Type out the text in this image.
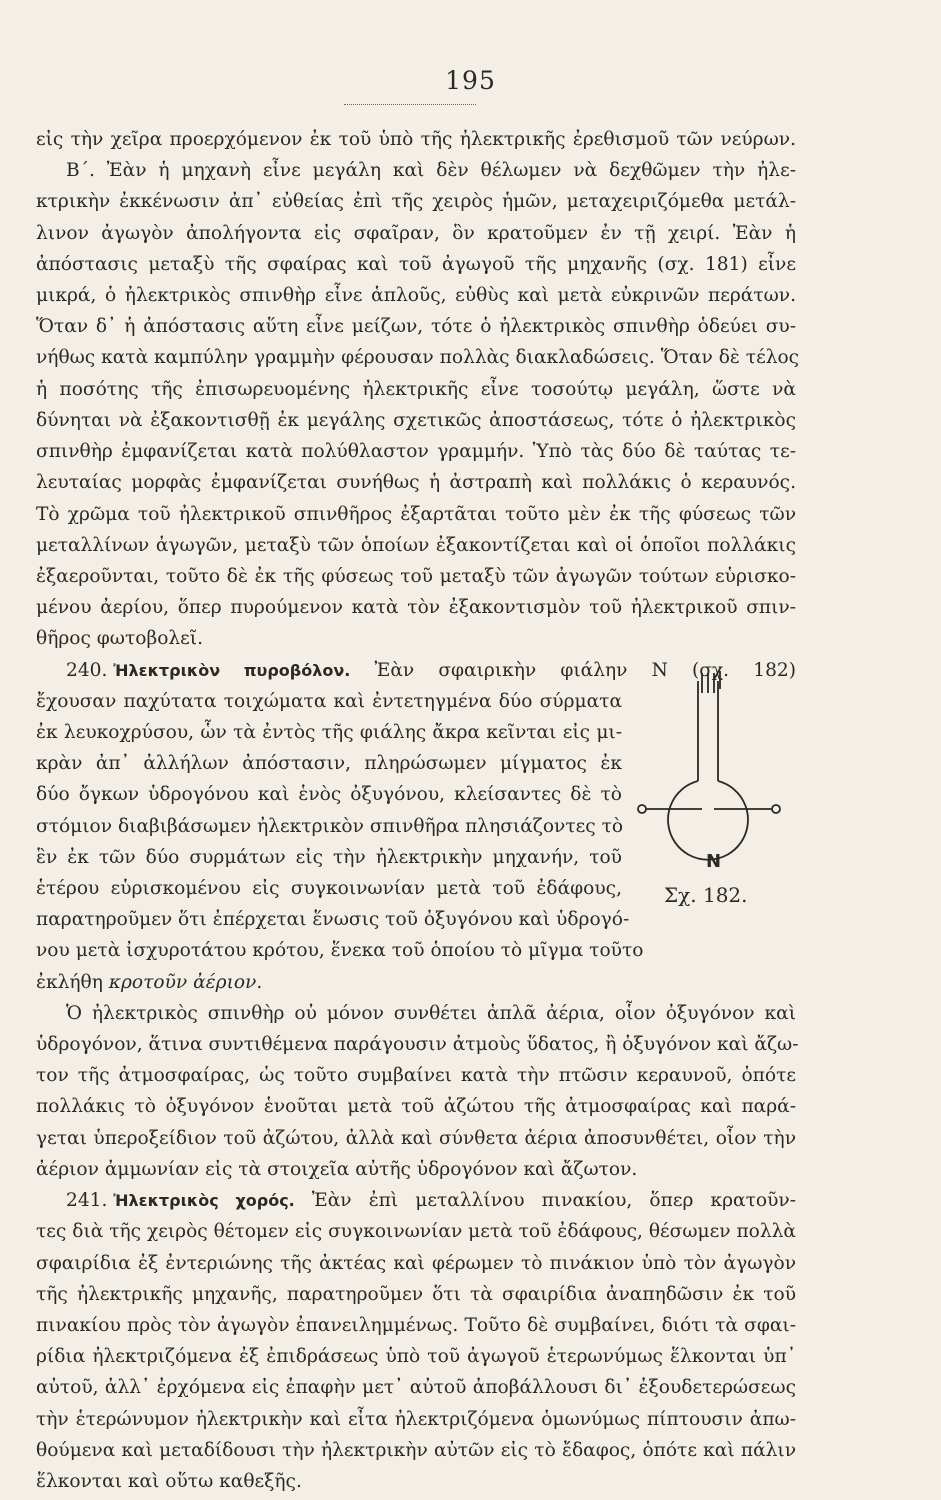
195
εἰς τὴν χεῖρα προερχόμενον ἐκ τοῦ ὑπὸ τῆς ἠλεκτρικῆς ἐρεθισμοῦ τῶν νεύρων.
Β΄. Ἐὰν ἡ μηχανὴ εἶνε μεγάλη καὶ δὲν θέλωμεν νὰ δεχθῶμεν τὴν ἠλε-
κτρικὴν ἐκκένωσιν ἀπ᾽ εὐθείας ἐπὶ τῆς χειρὸς ἡμῶν, μεταχειριζόμεθα μετάλ-
λινον ἀγωγὸν ἀπολήγοντα εἰς σφαῖραν, ὃν κρατοῦμεν ἐν τῇ χειρί. Ἐὰν ἡ
ἀπόστασις μεταξὺ τῆς σφαίρας καὶ τοῦ ἀγωγοῦ τῆς μηχανῆς (σχ. 181) εἶνε
μικρά, ὁ ἠλεκτρικὸς σπινθὴρ εἶνε ἁπλοῦς, εὐθὺς καὶ μετὰ εὐκρινῶν περάτων.
Ὅταν δ᾽ ἡ ἀπόστασις αὕτη εἶνε μείζων, τότε ὁ ἠλεκτρικὸς σπινθὴρ ὁδεύει συ-
νήθως κατὰ καμπύλην γραμμὴν φέρουσαν πολλὰς διακλαδώσεις. Ὅταν δὲ τέλος
ἡ ποσότης τῆς ἐπισωρευομένης ἠλεκτρικῆς εἶνε τοσούτῳ μεγάλη, ὥστε νὰ
δύνηται νὰ ἐξακοντισθῇ ἐκ μεγάλης σχετικῶς ἀποστάσεως, τότε ὁ ἠλεκτρικὸς
σπινθὴρ ἐμφανίζεται κατὰ πολύθλαστον γραμμήν. Ὑπὸ τὰς δύο δὲ ταύτας τε-
λευταίας μορφὰς ἐμφανίζεται συνήθως ἡ ἀστραπὴ καὶ πολλάκις ὁ κεραυνός.
Τὸ χρῶμα τοῦ ἠλεκτρικοῦ σπινθῆρος ἐξαρτᾶται τοῦτο μὲν ἐκ τῆς φύσεως τῶν
μεταλλίνων ἀγωγῶν, μεταξὺ τῶν ὁποίων ἐξακοντίζεται καὶ οἱ ὁποῖοι πολλάκις
ἐξαεροῦνται, τοῦτο δὲ ἐκ τῆς φύσεως τοῦ μεταξὺ τῶν ἀγωγῶν τούτων εὑρισκο-
μένου ἀερίου, ὅπερ πυρούμενον κατὰ τὸν ἐξακοντισμὸν τοῦ ἠλεκτρικοῦ σπιν-
θῆρος φωτοβολεῖ.
240. Ἠλεκτρικὸν πυροβόλον. Ἐὰν σφαιρικὴν φιάλην Ν (σχ. 182)
ἔχουσαν παχύτατα τοιχώματα καὶ ἐντετηγμένα δύο σύρματα
ἐκ λευκοχρύσου, ὧν τὰ ἐντὸς τῆς φιάλης ἄκρα κεῖνται εἰς μι-
κρὰν ἀπ᾽ ἀλλήλων ἀπόστασιν, πληρώσωμεν μίγματος ἐκ
δύο ὄγκων ὑδρογόνου καὶ ἑνὸς ὀξυγόνου, κλείσαντες δὲ τὸ
στόμιον διαβιβάσωμεν ἠλεκτρικὸν σπινθῆρα πλησιάζοντες τὸ
ἓν ἐκ τῶν δύο συρμάτων εἰς τὴν ἠλεκτρικὴν μηχανήν, τοῦ
ἑτέρου εὑρισκομένου εἰς συγκοινωνίαν μετὰ τοῦ ἐδάφους,
παρατηροῦμεν ὅτι ἐπέρχεται ἕνωσις τοῦ ὀξυγόνου καὶ ὑδρογό-
νου μετὰ ἰσχυροτάτου κρότου, ἕνεκα τοῦ ὁποίου τὸ μῖγμα τοῦτο
ἐκλήθη κροτοῦν ἀέριον.
Ν
Σχ. 182.
Ὁ ἠλεκτρικὸς σπινθὴρ οὐ μόνον συνθέτει ἁπλᾶ ἀέρια, οἷον ὀξυγόνον καὶ
ὑδρογόνον, ἅτινα συντιθέμενα παράγουσιν ἀτμοὺς ὕδατος, ἢ ὀξυγόνον καὶ ἄζω-
τον τῆς ἀτμοσφαίρας, ὡς τοῦτο συμβαίνει κατὰ τὴν πτῶσιν κεραυνοῦ, ὁπότε
πολλάκις τὸ ὀξυγόνον ἑνοῦται μετὰ τοῦ ἀζώτου τῆς ἀτμοσφαίρας καὶ παρά-
γεται ὑπεροξείδιον τοῦ ἀζώτου, ἀλλὰ καὶ σύνθετα ἀέρια ἀποσυνθέτει, οἷον τὴν
ἀέριον ἀμμωνίαν εἰς τὰ στοιχεῖα αὐτῆς ὑδρογόνον καὶ ἄζωτον.
241. Ἠλεκτρικὸς χορός. Ἐὰν ἐπὶ μεταλλίνου πινακίου, ὅπερ κρατοῦν-
τες διὰ τῆς χειρὸς θέτομεν εἰς συγκοινωνίαν μετὰ τοῦ ἐδάφους, θέσωμεν πολλὰ
σφαιρίδια ἐξ ἐντεριώνης τῆς ἀκτέας καὶ φέρωμεν τὸ πινάκιον ὑπὸ τὸν ἀγωγὸν
τῆς ἠλεκτρικῆς μηχανῆς, παρατηροῦμεν ὅτι τὰ σφαιρίδια ἀναπηδῶσιν ἐκ τοῦ
πινακίου πρὸς τὸν ἀγωγὸν ἐπανειλημμένως. Τοῦτο δὲ συμβαίνει, διότι τὰ σφαι-
ρίδια ἠλεκτριζόμενα ἐξ ἐπιδράσεως ὑπὸ τοῦ ἀγωγοῦ ἑτερωνύμως ἕλκονται ὑπ᾽
αὐτοῦ, ἀλλ᾽ ἐρχόμενα εἰς ἐπαφὴν μετ᾽ αὐτοῦ ἀποβάλλουσι δι᾽ ἐξουδετερώσεως
τὴν ἑτερώνυμον ἠλεκτρικὴν καὶ εἶτα ἠλεκτριζόμενα ὁμωνύμως πίπτουσιν ἀπω-
θούμενα καὶ μεταδίδουσι τὴν ἠλεκτρικὴν αὐτῶν εἰς τὸ ἔδαφος, ὁπότε καὶ πάλιν
ἕλκονται καὶ οὕτω καθεξῆς.
